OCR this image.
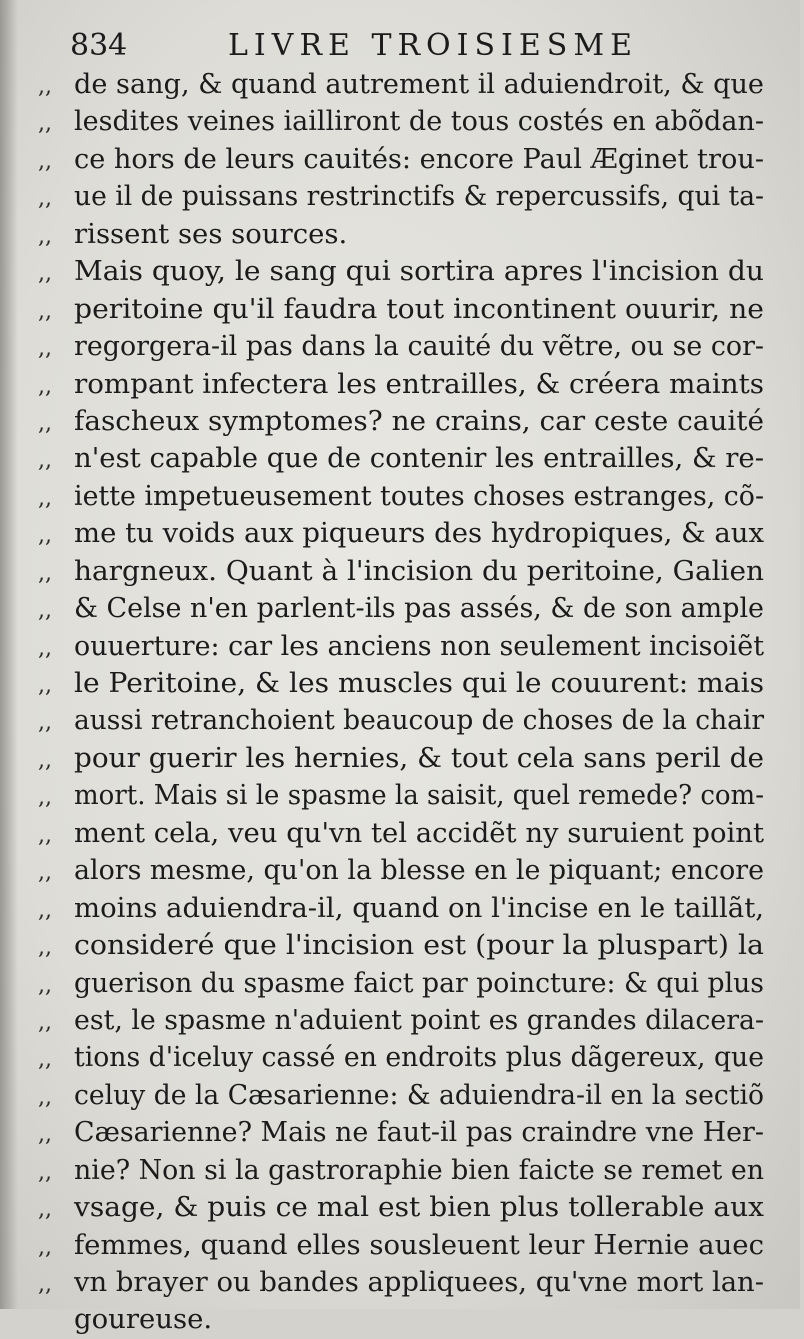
834	LIVRE TROISIESME
,, de sang, & quand autrement il aduiendroit, & que
,, lesdites veines iailliront de tous costés en abõdan-
,, ce hors de leurs cauités: encore Paul Æginet trou-
,, ue il de puissans restrinctifs & repercussifs, qui ta-
,, rissent ses sources.
,,Mais quoy, le sang qui sortira apres l'incision du
,, peritoine qu'il faudra tout incontinent ouurir, ne
,, regorgera-il pas dans la cauité du vẽtre, ou se cor-
,, rompant infectera les entrailles, & créera maints
,, fascheux symptomes? ne crains, car ceste cauité
,, n'est capable que de contenir les entrailles, & re-
,, iette impetueusement toutes choses estranges, cõ-
,, me tu voids aux piqueurs des hydropiques, & aux
,, hargneux. Quant à l'incision du peritoine, Galien
,, & Celse n'en parlent-ils pas assés, & de son ample
,, ouuerture: car les anciens non seulement incisoiẽt
,, le Peritoine, & les muscles qui le couurent: mais
,, aussi retranchoient beaucoup de choses de la chair
,, pour guerir les hernies, & tout cela sans peril de
,, mort. Mais si le spasme la saisit, quel remede? com-
,, ment cela, veu qu'vn tel accidẽt ny suruient point
,, alors mesme, qu'on la blesse en le piquant; encore
,, moins aduiendra-il, quand on l'incise en le taillãt,
,, consideré que l'incision est (pour la pluspart) la
,, guerison du spasme faict par poincture: & qui plus
,, est, le spasme n'aduient point es grandes dilacera-
,, tions d'iceluy cassé en endroits plus dãgereux, que
,, celuy de la Cæsarienne: & aduiendra-il en la sectiõ
,, Cæsarienne? Mais ne faut-il pas craindre vne Her-
,, nie? Non si la gastroraphie bien faicte se remet en
,, vsage, & puis ce mal est bien plus tollerable aux
,, femmes, quand elles sousleuent leur Hernie auec
,, vn brayer ou bandes appliquees, qu'vne mort lan-
goureuse.
